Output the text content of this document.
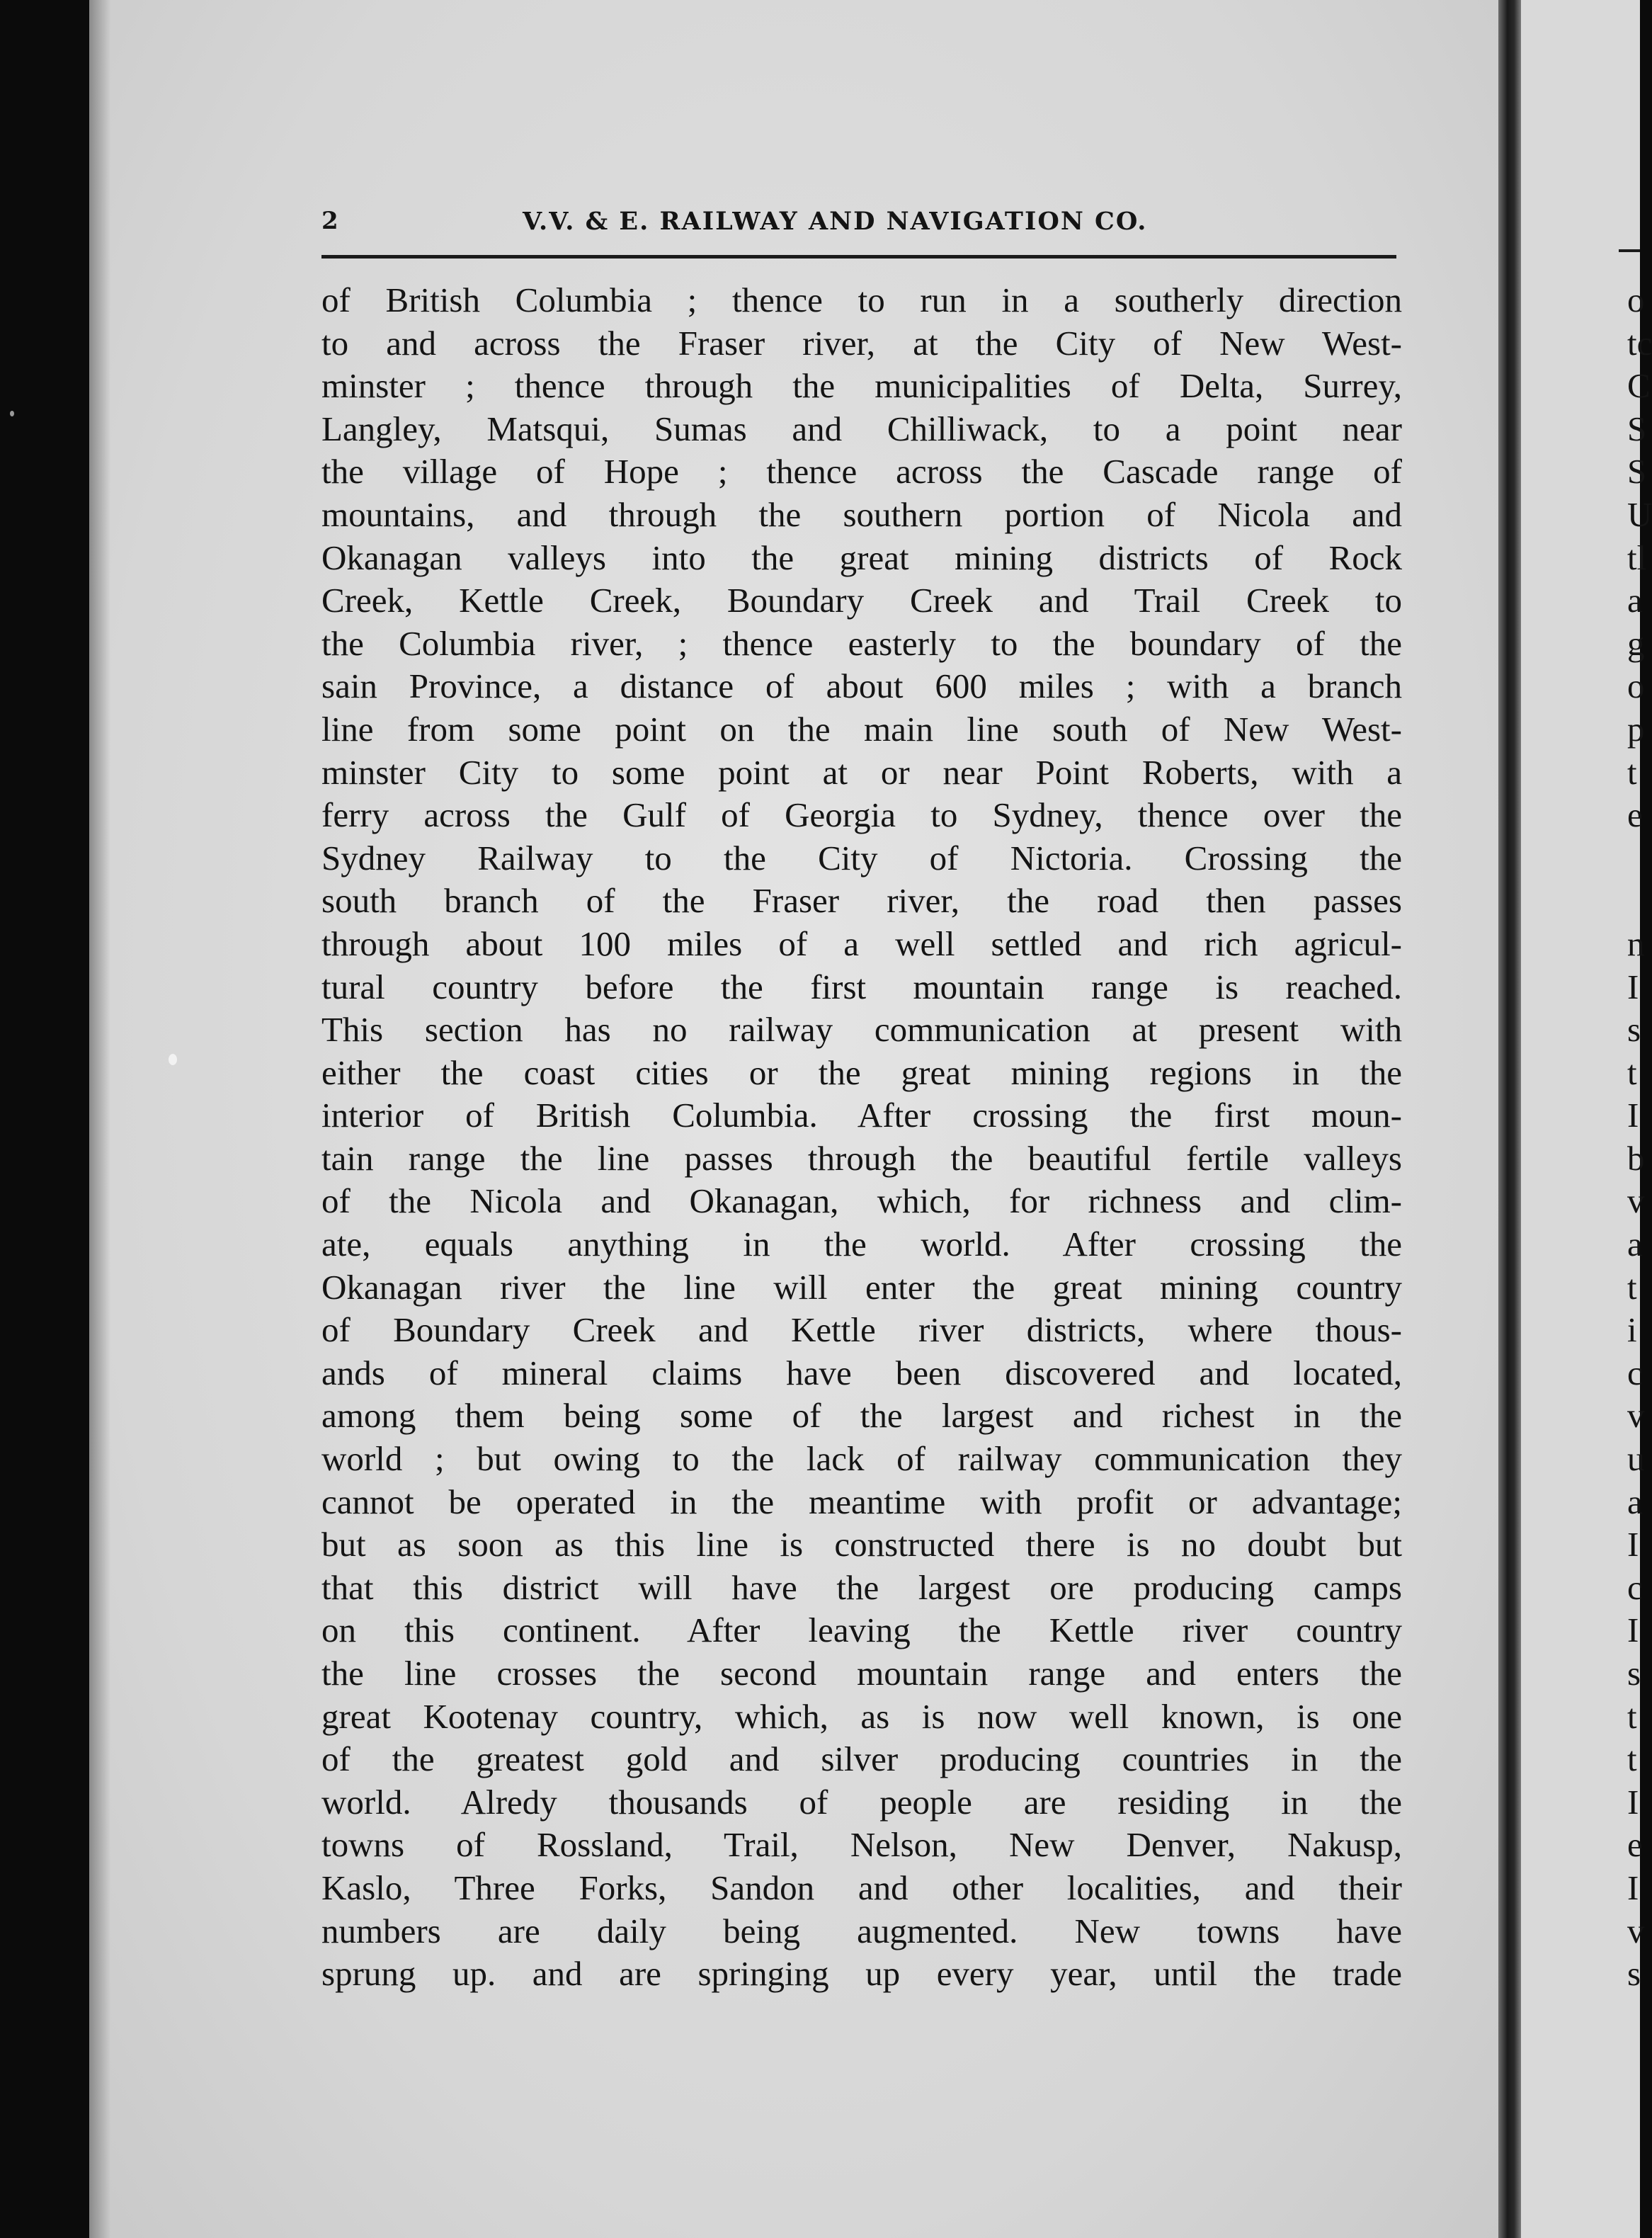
2	V.V. & E. RAILWAY AND NAVIGATION CO.
of British Columbia ; thence to run in a southerly direction
to and across the Fraser river, at the City of New West-
minster ; thence through the municipalities of Delta, Surrey,
Langley, Matsqui, Sumas and Chilliwack, to a point near
the village of Hope ; thence across the Cascade range of
mountains, and through the southern portion of Nicola and
Okanagan valleys into the great mining districts of Rock
Creek, Kettle Creek, Boundary Creek and Trail Creek to
the Columbia river, ; thence easterly to the boundary of the
sain Province, a distance of about 600 miles ; with a branch
line from some point on the main line south of New West-
minster City to some point at or near Point Roberts, with a
ferry across the Gulf of Georgia to Sydney, thence over the
Sydney Railway to the City of Nictoria. Crossing the
south branch of the Fraser river, the road then passes
through about 100 miles of a well settled and rich agricul-
tural country before the first mountain range is reached.
This section has no railway communication at present with
either the coast cities or the great mining regions in the
interior of British Columbia. After crossing the first moun-
tain range the line passes through the beautiful fertile valleys
of the Nicola and Okanagan, which, for richness and clim-
ate, equals anything in the world. After crossing the
Okanagan river the line will enter the great mining country
of Boundary Creek and Kettle river districts, where thous-
ands of mineral claims have been discovered and located,
among them being some of the largest and richest in the
world ; but owing to the lack of railway communication they
cannot be operated in the meantime with profit or advantage;
but as soon as this line is constructed there is no doubt but
that this district will have the largest ore producing camps
on this continent. After leaving the Kettle river country
the line crosses the second mountain range and enters the
great Kootenay country, which, as is now well known, is one
of the greatest gold and silver producing countries in the
world. Alredy thousands of people are residing in the
towns of Rossland, Trail, Nelson, New Denver, Nakusp,
Kaslo, Three Forks, Sandon and other localities, and their
numbers are daily being augmented. New towns have
sprung up. and are springing up every year, until the trade
o
tc
C
S
S
U
tl
a
g
o
p
t
e
n
I
s
t
I
b
v
a
t
i
c
v
u
a
I
c
I
s
t
t
I
e
I
v
s
